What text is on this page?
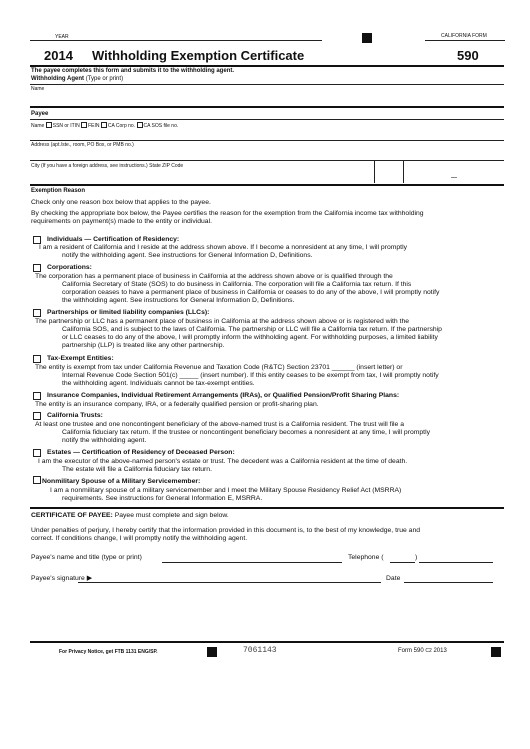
YEAR	CALIFORNIA FORM
2014 Withholding Exemption Certificate	590
The payee completes this form and submits it to the withholding agent.
Withholding Agent (Type or print)
Name
Payee
Name SSN or ITIN FEIN CA Corp no. CA SOS file no.
Address (apt./ste., room, PO Box, or PMB no.)
City (If you have a foreign address, see instructions.) State ZIP Code
Exemption Reason
Check only one reason box below that applies to the payee.
By checking the appropriate box below, the Payee certifies the reason for the exemption from the California income tax withholding
requirements on payment(s) made to the entity or individual.
Individuals — Certification of Residency:
I am a resident of California and I reside at the address shown above. If I become a nonresident at any time, I will promptly
notify the withholding agent. See instructions for General Information D, Definitions.
Corporations:
The corporation has a permanent place of business in California at the address shown above or is qualified through the
California Secretary of State (SOS) to do business in California. The corporation will file a California tax return. If this
corporation ceases to have a permanent place of business in California or ceases to do any of the above, I will promptly notify
the withholding agent. See instructions for General Information D, Definitions.
Partnerships or limited liability companies (LLCs):
The partnership or LLC has a permanent place of business in California at the address shown above or is registered with the
California SOS, and is subject to the laws of California. The partnership or LLC will file a California tax return. If the partnership
or LLC ceases to do any of the above, I will promptly inform the withholding agent. For withholding purposes, a limited liability
partnership (LLP) is treated like any other partnership.
Tax-Exempt Entities:
The entity is exempt from tax under California Revenue and Taxation Code (R&TC) Section 23701 ______ (insert letter) or
Internal Revenue Code Section 501(c) _____ (insert number). If this entity ceases to be exempt from tax, I will promptly notify
the withholding agent. Individuals cannot be tax-exempt entities.
Insurance Companies, Individual Retirement Arrangements (IRAs), or Qualified Pension/Profit Sharing Plans:
The entity is an insurance company, IRA, or a federally qualified pension or profit-sharing plan.
California Trusts:
At least one trustee and one noncontingent beneficiary of the above-named trust is a California resident. The trust will file a
California fiduciary tax return. If the trustee or noncontingent beneficiary becomes a nonresident at any time, I will promptly
notify the withholding agent.
Estates — Certification of Residency of Deceased Person:
I am the executor of the above-named person's estate or trust. The decedent was a California resident at the time of death.
The estate will file a California fiduciary tax return.
Nonmilitary Spouse of a Military Servicemember:
I am a nonmilitary spouse of a military servicemember and I meet the Military Spouse Residency Relief Act (MSRRA)
requirements. See instructions for General Information E, MSRRA.
CERTIFICATE OF PAYEE: Payee must complete and sign below.
Under penalties of perjury, I hereby certify that the information provided in this document is, to the best of my knowledge, true and
correct. If conditions change, I will promptly notify the withholding agent.
Payee's name and title (type or print)	Telephone (	)
Payee's signature ▶	Date
For Privacy Notice, get FTB 1131 ENG/SP.	7061143	Form 590 C2 2013
